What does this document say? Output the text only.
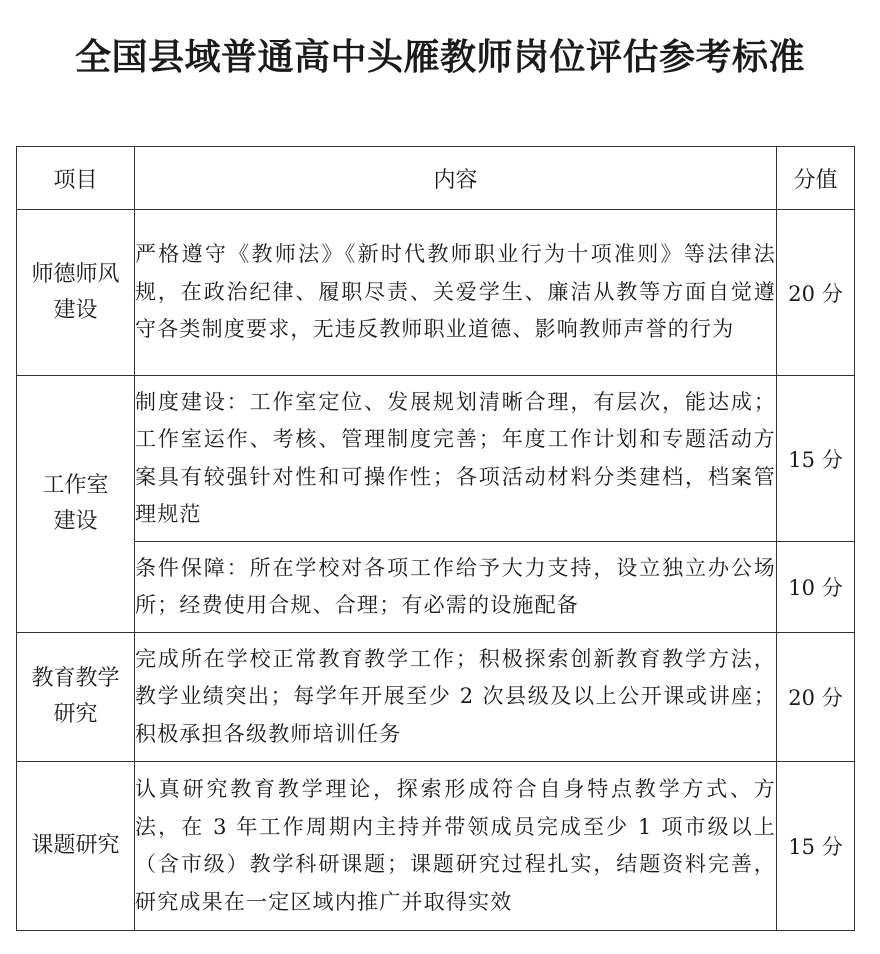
全国县域普通高中头雁教师岗位评估参考标准
项目	内容	分值
师德师风建设	严格遵守《教师法》《新时代教师职业行为十项准则》等法律法规，在政治纪律、履职尽责、关爱学生、廉洁从教等方面自觉遵守各类制度要求，无违反教师职业道德、影响教师声誉的行为	20 分
工作室建设	制度建设：工作室定位、发展规划清晰合理，有层次，能达成；工作室运作、考核、管理制度完善；年度工作计划和专题活动方案具有较强针对性和可操作性；各项活动材料分类建档，档案管理规范	15 分
	条件保障：所在学校对各项工作给予大力支持，设立独立办公场所；经费使用合规、合理；有必需的设施配备	10 分
教育教学研究	完成所在学校正常教育教学工作；积极探索创新教育教学方法，教学业绩突出；每学年开展至少 2 次县级及以上公开课或讲座；积极承担各级教师培训任务	20 分
课题研究	认真研究教育教学理论，探索形成符合自身特点教学方式、方法，在 3 年工作周期内主持并带领成员完成至少 1 项市级以上（含市级）教学科研课题；课题研究过程扎实，结题资料完善，研究成果在一定区域内推广并取得实效	15 分
